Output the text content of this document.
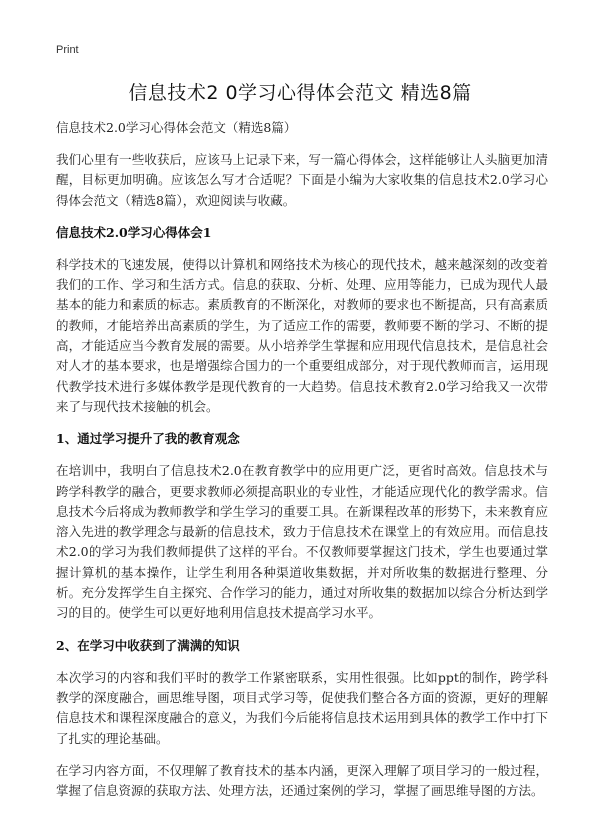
Print
信息技术2 0学习心得体会范文 精选8篇
信息技术2.0学习心得体会范文（精选8篇）

我们心里有一些收获后，应该马上记录下来，写一篇心得体会，这样能够让人头脑更加清醒，目标更加明确。应该怎么写才合适呢？下面是小编为大家收集的信息技术2.0学习心得体会范文（精选8篇），欢迎阅读与收藏。

信息技术2.0学习心得体会1

科学技术的飞速发展，使得以计算机和网络技术为核心的现代技术，越来越深刻的改变着我们的工作、学习和生活方式。信息的获取、分析、处理、应用等能力，已成为现代人最基本的能力和素质的标志。素质教育的不断深化，对教师的要求也不断提高，只有高素质的教师，才能培养出高素质的学生，为了适应工作的需要，教师要不断的学习、不断的提高，才能适应当今教育发展的需要。从小培养学生掌握和应用现代信息技术，是信息社会对人才的基本要求，也是增强综合国力的一个重要组成部分，对于现代教师而言，运用现代教学技术进行多媒体教学是现代教育的一大趋势。信息技术教育2.0学习给我又一次带来了与现代技术接触的机会。

1、通过学习提升了我的教育观念

在培训中，我明白了信息技术2.0在教育教学中的应用更广泛，更省时高效。信息技术与跨学科教学的融合，更要求教师必须提高职业的专业性，才能适应现代化的教学需求。信息技术今后将成为教师教学和学生学习的重要工具。在新课程改革的形势下，未来教育应溶入先进的教学理念与最新的信息技术，致力于信息技术在课堂上的有效应用。而信息技术2.0的学习为我们教师提供了这样的平台。不仅教师要掌握这门技术，学生也要通过掌握计算机的基本操作，让学生利用各种渠道收集数据，并对所收集的数据进行整理、分析。充分发挥学生自主探究、合作学习的能力，通过对所收集的数据加以综合分析达到学习的目的。使学生可以更好地利用信息技术提高学习水平。

2、在学习中收获到了满满的知识

本次学习的内容和我们平时的教学工作紧密联系，实用性很强。比如ppt的制作，跨学科教学的深度融合，画思维导图，项目式学习等，促使我们整合各方面的资源，更好的理解信息技术和课程深度融合的意义，为我们今后能将信息技术运用到具体的教学工作中打下了扎实的理论基础。

在学习内容方面，不仅理解了教育技术的基本内涵，更深入理解了项目学习的一般过程，掌握了信息资源的获取方法、处理方法，还通过案例的学习，掌握了画思维导图的方法。
